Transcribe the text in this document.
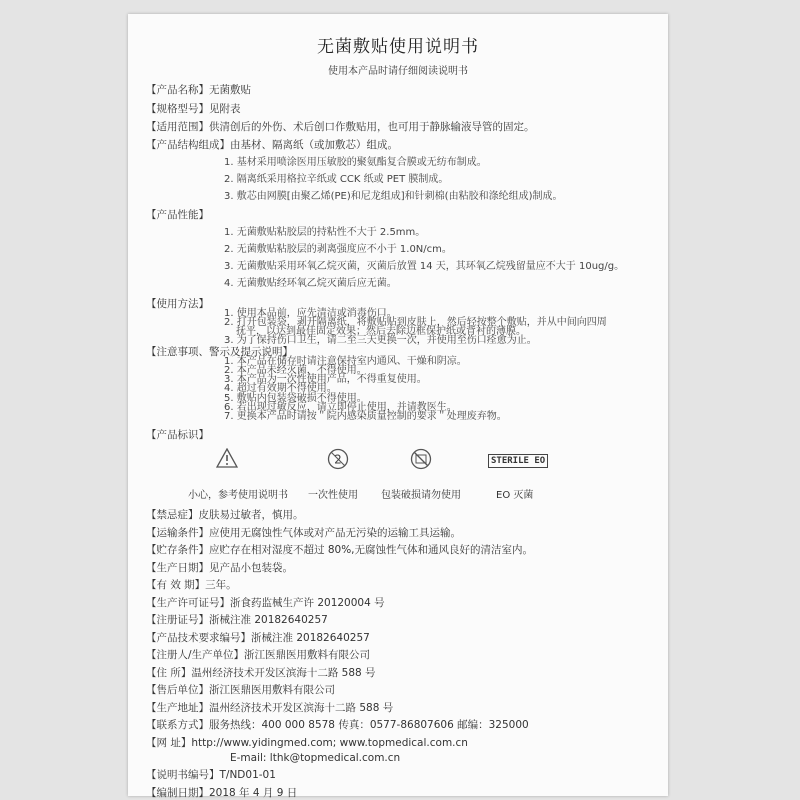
无菌敷贴使用说明书
使用本产品时请仔细阅读说明书
【产品名称】无菌敷贴
【规格型号】见附表
【适用范围】供清创后的外伤、术后创口作敷贴用，也可用于静脉输液导管的固定。
【产品结构组成】由基材、隔离纸（或加敷芯）组成。
1. 基材采用喷涂医用压敏胶的聚氨酯复合膜或无纺布制成。
2. 隔离纸采用格拉辛纸或 CCK 纸或 PET 膜制成。
3. 敷芯由网膜[由聚乙烯(PE)和尼龙组成]和针刺棉(由粘胶和涤纶组成)制成。
【产品性能】
1. 无菌敷贴粘胶层的持粘性不大于 2.5mm。
2. 无菌敷贴粘胶层的剥离强度应不小于 1.0N/cm。
3. 无菌敷贴采用环氧乙烷灭菌，灭菌后放置 14 天，其环氧乙烷残留量应不大于 10ug/g。
4. 无菌敷贴经环氧乙烷灭菌后应无菌。
【使用方法】
1. 使用本品前，应先清洁或消毒伤口。
2. 打开包装袋，剥开隔离纸，将敷贴贴到皮肤上，然后轻按整个敷贴，并从中间向四周
抚平，以达到最佳固定效果；然后去除边框保护纸或背衬的薄膜。
3. 为了保持伤口卫生，请二至三天更换一次，并使用至伤口痊愈为止。
【注意事项、警示及提示说明】
1. 本产品在储存时请注意保持室内通风、干燥和阴凉。
2. 本产品未经灭菌，不得使用。
3. 本产品为一次性使用产品，不得重复使用。
4. 超过有效期不得使用。
5. 敷贴内包装袋破损不得使用。
6. 若出现过敏反应，请立即停止使用，并请教医生。
7. 更换本产品时请按＂院内感染质量控制的要求＂处理废弃物。
【产品标识】
2	STERILE EO
小心，参考使用说明书 一次性使用 包装破损请勿使用	EO 灭菌
【禁忌症】皮肤易过敏者，慎用。
【运输条件】应使用无腐蚀性气体或对产品无污染的运输工具运输。
【贮存条件】应贮存在相对湿度不超过 80%,无腐蚀性气体和通风良好的清洁室内。
【生产日期】见产品小包装袋。
【有 效 期】三年。
【生产许可证号】浙食药监械生产许 20120004 号
【注册证号】浙械注准 20182640257
【产品技术要求编号】浙械注准 20182640257
【注册人/生产单位】浙江医鼎医用敷料有限公司
【住 所】温州经济技术开发区滨海十二路 588 号
【售后单位】浙江医鼎医用敷料有限公司
【生产地址】温州经济技术开发区滨海十二路 588 号
【联系方式】服务热线：400 000 8578 传真：0577-86807606 邮编：325000
【网 址】http://www.yidingmed.com; www.topmedical.com.cn
E-mail: lthk@topmedical.com.cn
【说明书编号】T/ND01-01
【编制日期】2018 年 4 月 9 日
